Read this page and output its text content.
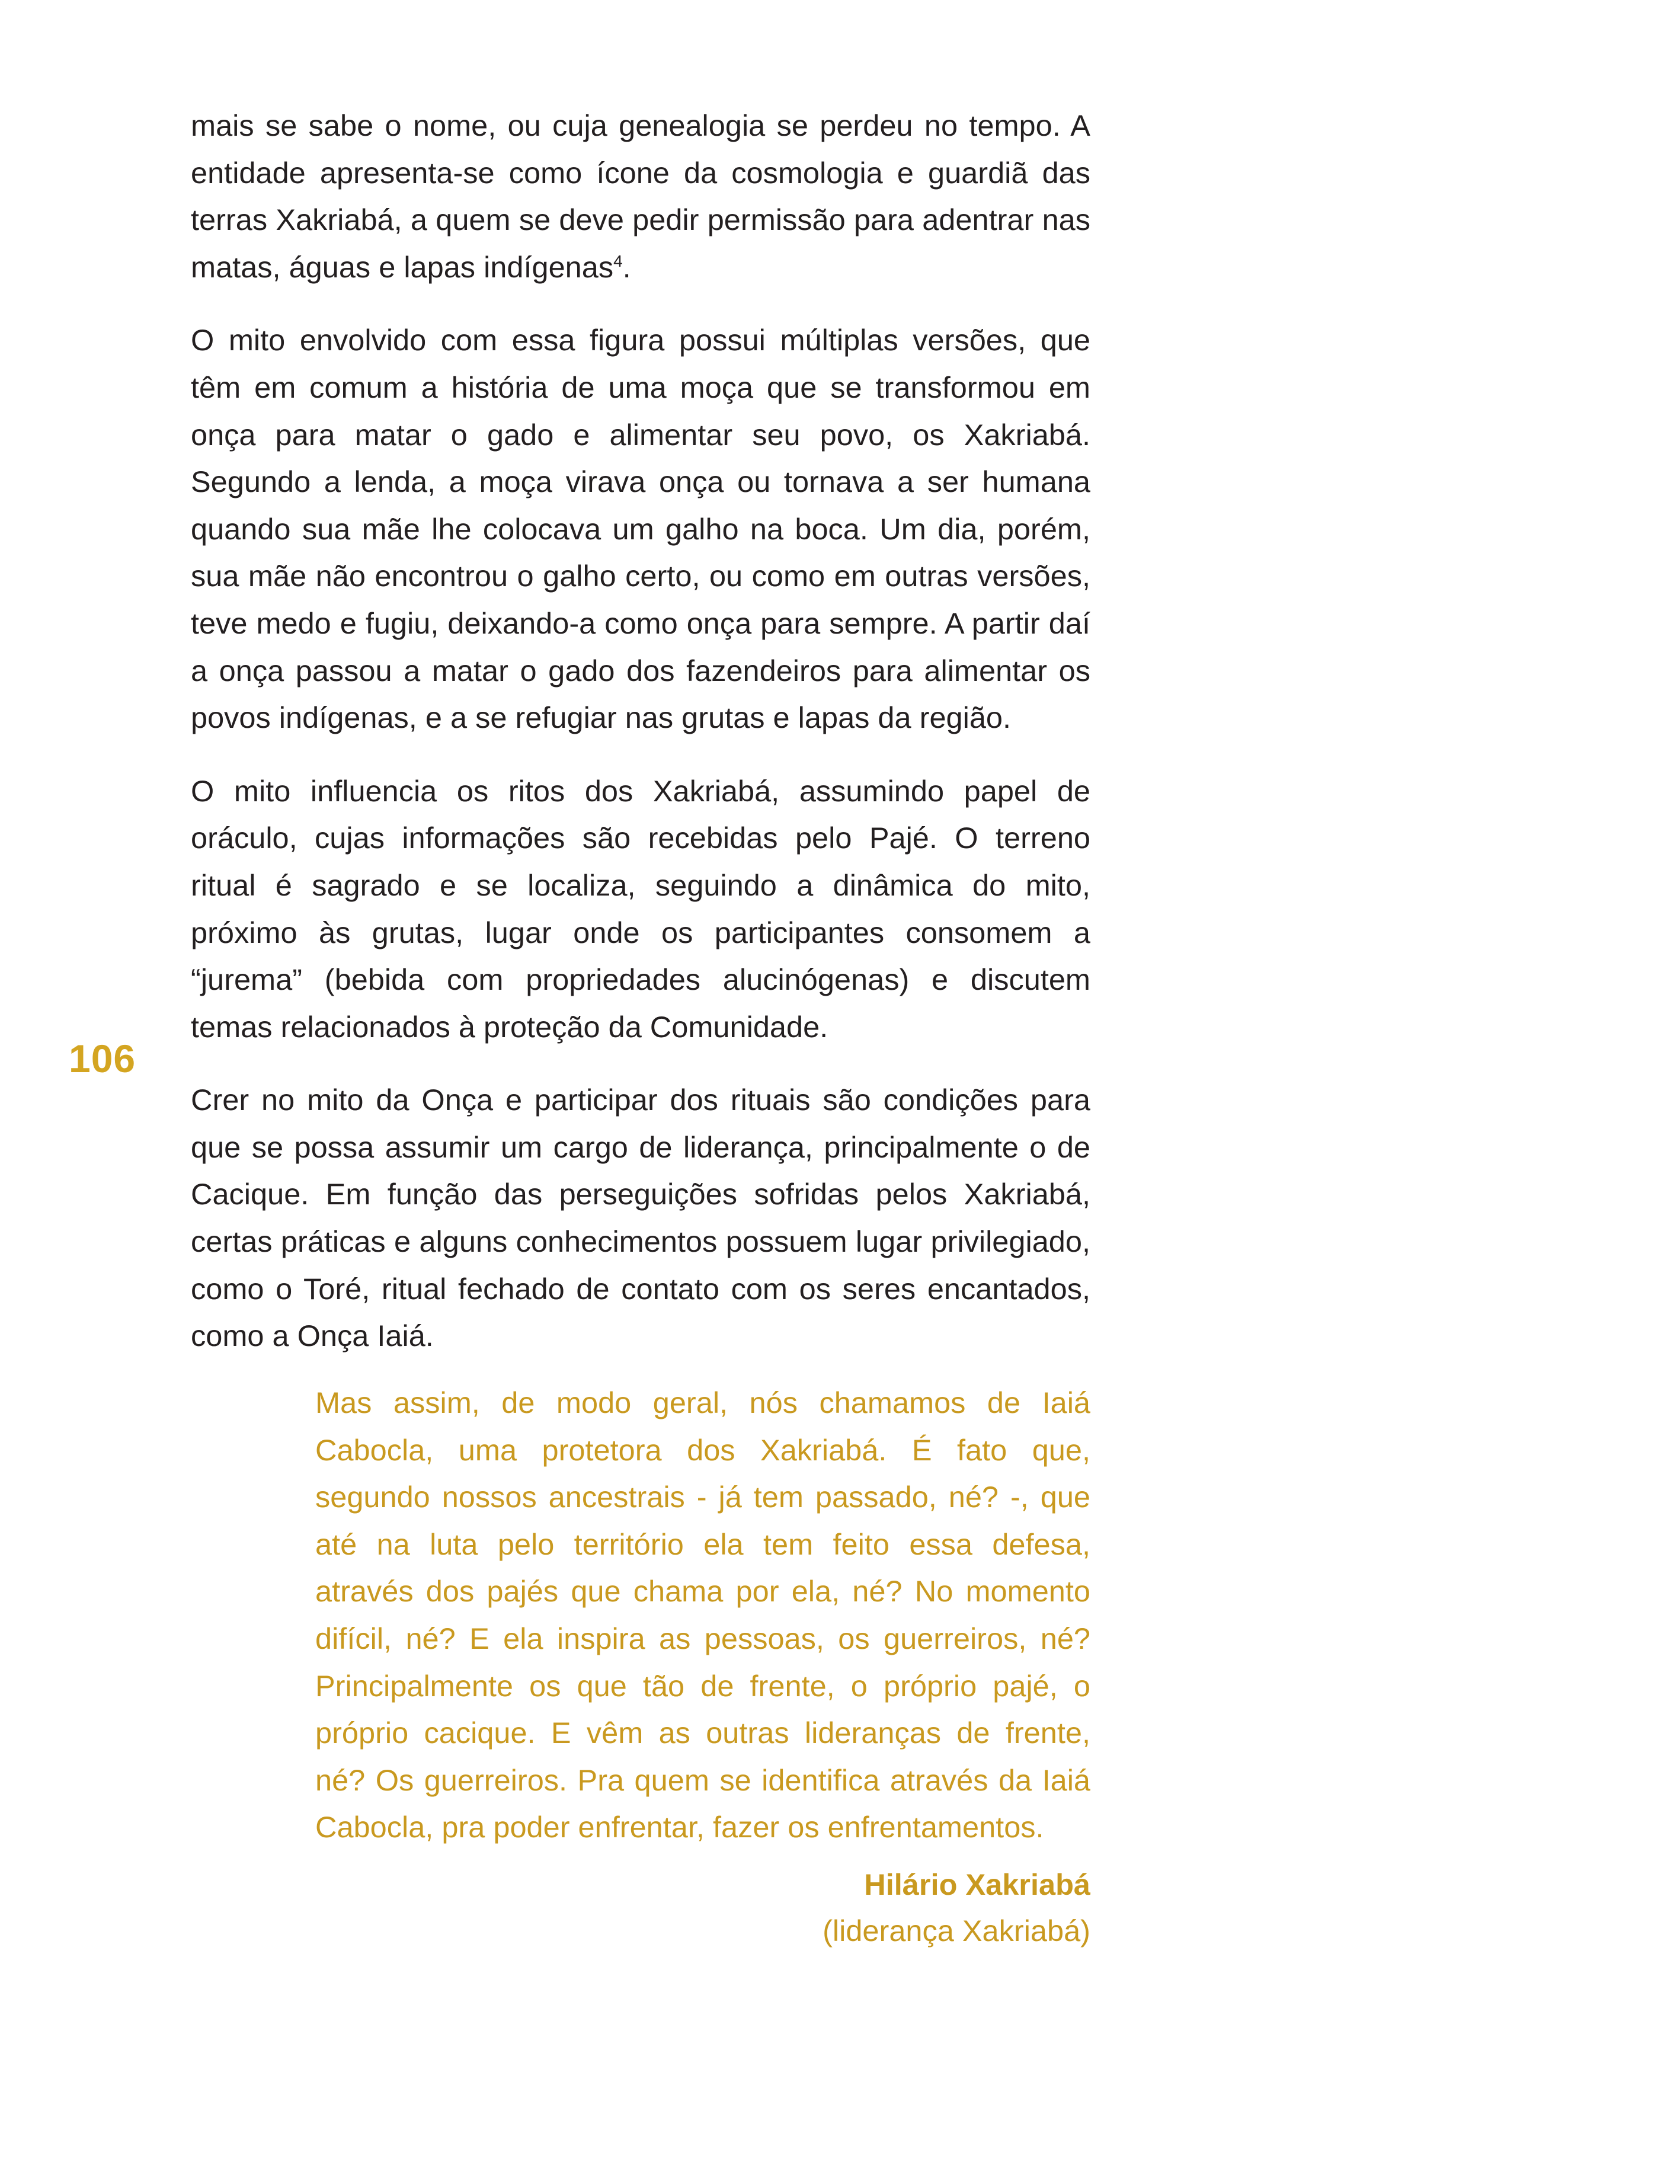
106

mais se sabe o nome, ou cuja genealogia se perdeu no tempo. A entidade apresenta-se como ícone da cosmologia e guardiã das terras Xakriabá, a quem se deve pedir permissão para adentrar nas matas, águas e lapas indígenas$^4$.

O mito envolvido com essa figura possui múltiplas versões, que têm em comum a história de uma moça que se transformou em onça para matar o gado e alimentar seu povo, os Xakriabá. Segundo a lenda, a moça virava onça ou tornava a ser humana quando sua mãe lhe colocava um galho na boca. Um dia, porém, sua mãe não encontrou o galho certo, ou como em outras versões, teve medo e fugiu, deixando-a como onça para sempre. A partir daí a onça passou a matar o gado dos fazendeiros para alimentar os povos indígenas, e a se refugiar nas grutas e lapas da região.

O mito influencia os ritos dos Xakriabá, assumindo papel de oráculo, cujas informações são recebidas pelo Pajé. O terreno ritual é sagrado e se localiza, seguindo a dinâmica do mito, próximo às grutas, lugar onde os participantes consomem a “jurema” (bebida com propriedades alucinógenas) e discutem temas relacionados à proteção da Comunidade.

Crer no mito da Onça e participar dos rituais são condições para que se possa assumir um cargo de liderança, principalmente o de Cacique. Em função das perseguições sofridas pelos Xakriabá, certas práticas e alguns conhecimentos possuem lugar privilegiado, como o Toré, ritual fechado de contato com os seres encantados, como a Onça Iaiá.

Mas assim, de modo geral, nós chamamos de Iaiá Cabocla, uma protetora dos Xakriabá. É fato que, segundo nossos ancestrais - já tem passado, né? -, que até na luta pelo território ela tem feito essa defesa, através dos pajés que chama por ela, né? No momento difícil, né? E ela inspira as pessoas, os guerreiros, né? Principalmente os que tão de frente, o próprio pajé, o próprio cacique. E vêm as outras lideranças de frente, né? Os guerreiros. Pra quem se identifica através da Iaiá Cabocla, pra poder enfrentar, fazer os enfrentamentos.

Hilário Xakriabá
(liderança Xakriabá)
